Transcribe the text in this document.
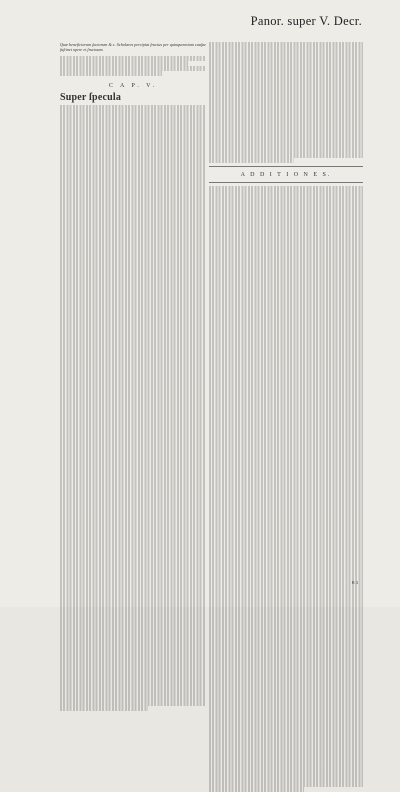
Panor. super V. Decr.
Quæ beneficiorum factorum & c. Scholares percipiat fructus per quinquennium cauſae ſuſtinet opere et fructuum.
C A P. V.
Super ſpecula
A D D I T I O N E S.
B 3
